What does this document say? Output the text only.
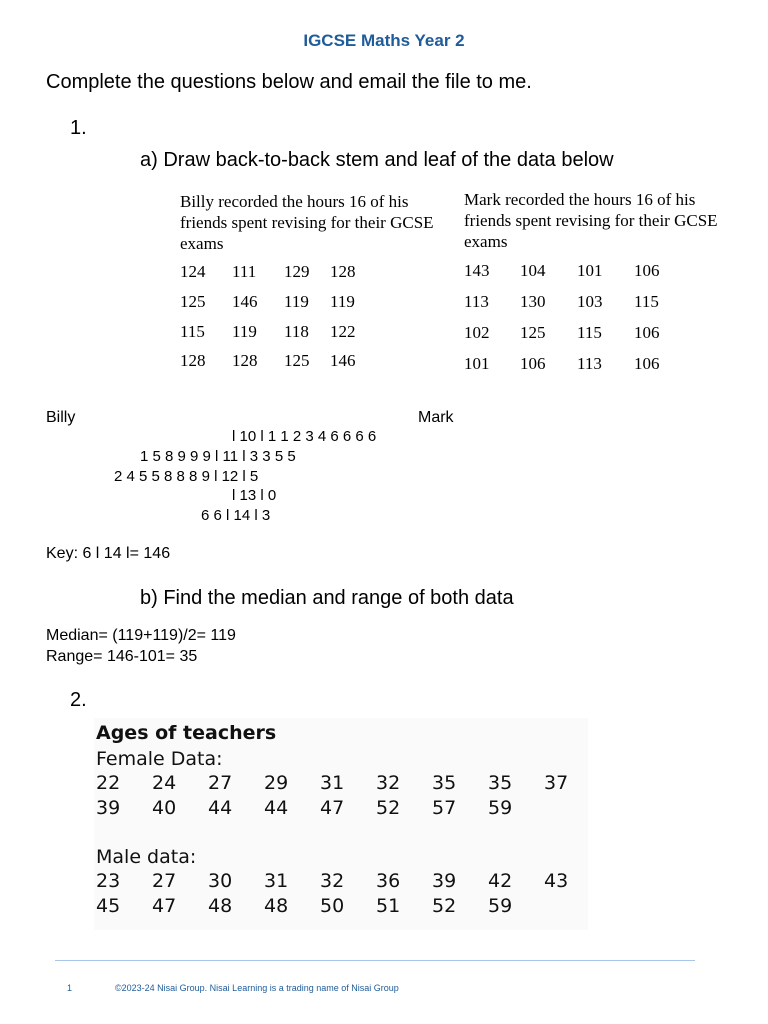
IGCSE Maths Year 2
Complete the questions below and email the file to me.
1.
a) Draw back-to-back stem and leaf of the data below
Billy recorded the hours 16 of his friends spent revising for their GCSE exams
Mark recorded the hours 16 of his friends spent revising for their GCSE exams
124 111 129 128
125 146 119 119
115 119 118 122
128 128 125 146
143 104 101 106
113 130 103 115
102 125 115 106
101 106 113 106
Billy	Mark
l 10 l 1 1 2 3 4 6 6 6 6
1 5 8 9 9 9 l 11 l 3 3 5 5
2 4 5 5 8 8 8 9 l 12 l 5
l 13 l 0
6 6 l 14 l 3
Key: 6 l 14 l= 146
b) Find the median and range of both data
Median= (119+119)/2= 119
Range= 146-101= 35
2.
Ages of teachers
Female Data:
22 24 27 29 31 32 35 35 37
39 40 44 44 47 52 57 59
Male data:
23 27 30 31 32 36 39 42 43
45 47 48 48 50 51 52 59
1	©2023-24 Nisai Group. Nisai Learning is a trading name of Nisai Group
